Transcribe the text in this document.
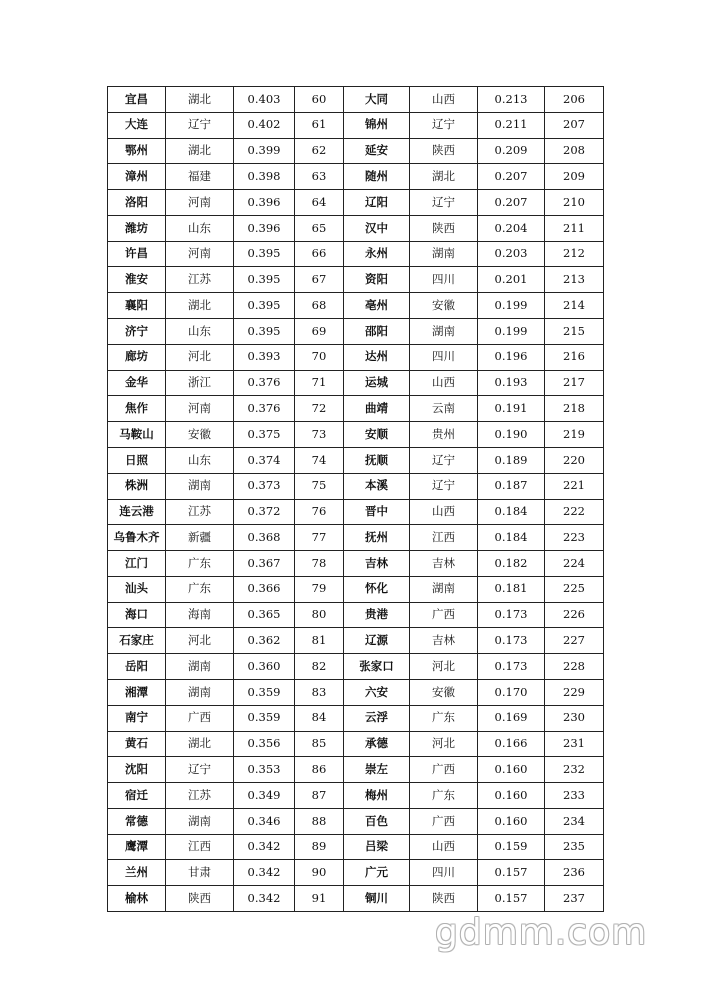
宜昌	湖北	0.403	60	大同	山西	0.213	206
大连	辽宁	0.402	61	锦州	辽宁	0.211	207
鄂州	湖北	0.399	62	延安	陕西	0.209	208
漳州	福建	0.398	63	随州	湖北	0.207	209
洛阳	河南	0.396	64	辽阳	辽宁	0.207	210
潍坊	山东	0.396	65	汉中	陕西	0.204	211
许昌	河南	0.395	66	永州	湖南	0.203	212
淮安	江苏	0.395	67	资阳	四川	0.201	213
襄阳	湖北	0.395	68	亳州	安徽	0.199	214
济宁	山东	0.395	69	邵阳	湖南	0.199	215
廊坊	河北	0.393	70	达州	四川	0.196	216
金华	浙江	0.376	71	运城	山西	0.193	217
焦作	河南	0.376	72	曲靖	云南	0.191	218
马鞍山	安徽	0.375	73	安顺	贵州	0.190	219
日照	山东	0.374	74	抚顺	辽宁	0.189	220
株洲	湖南	0.373	75	本溪	辽宁	0.187	221
连云港	江苏	0.372	76	晋中	山西	0.184	222
乌鲁木齐	新疆	0.368	77	抚州	江西	0.184	223
江门	广东	0.367	78	吉林	吉林	0.182	224
汕头	广东	0.366	79	怀化	湖南	0.181	225
海口	海南	0.365	80	贵港	广西	0.173	226
石家庄	河北	0.362	81	辽源	吉林	0.173	227
岳阳	湖南	0.360	82	张家口	河北	0.173	228
湘潭	湖南	0.359	83	六安	安徽	0.170	229
南宁	广西	0.359	84	云浮	广东	0.169	230
黄石	湖北	0.356	85	承德	河北	0.166	231
沈阳	辽宁	0.353	86	崇左	广西	0.160	232
宿迁	江苏	0.349	87	梅州	广东	0.160	233
常德	湖南	0.346	88	百色	广西	0.160	234
鹰潭	江西	0.342	89	吕梁	山西	0.159	235
兰州	甘肃	0.342	90	广元	四川	0.157	236
榆林	陕西	0.342	91	铜川	陕西	0.157	237
gdmm.com
